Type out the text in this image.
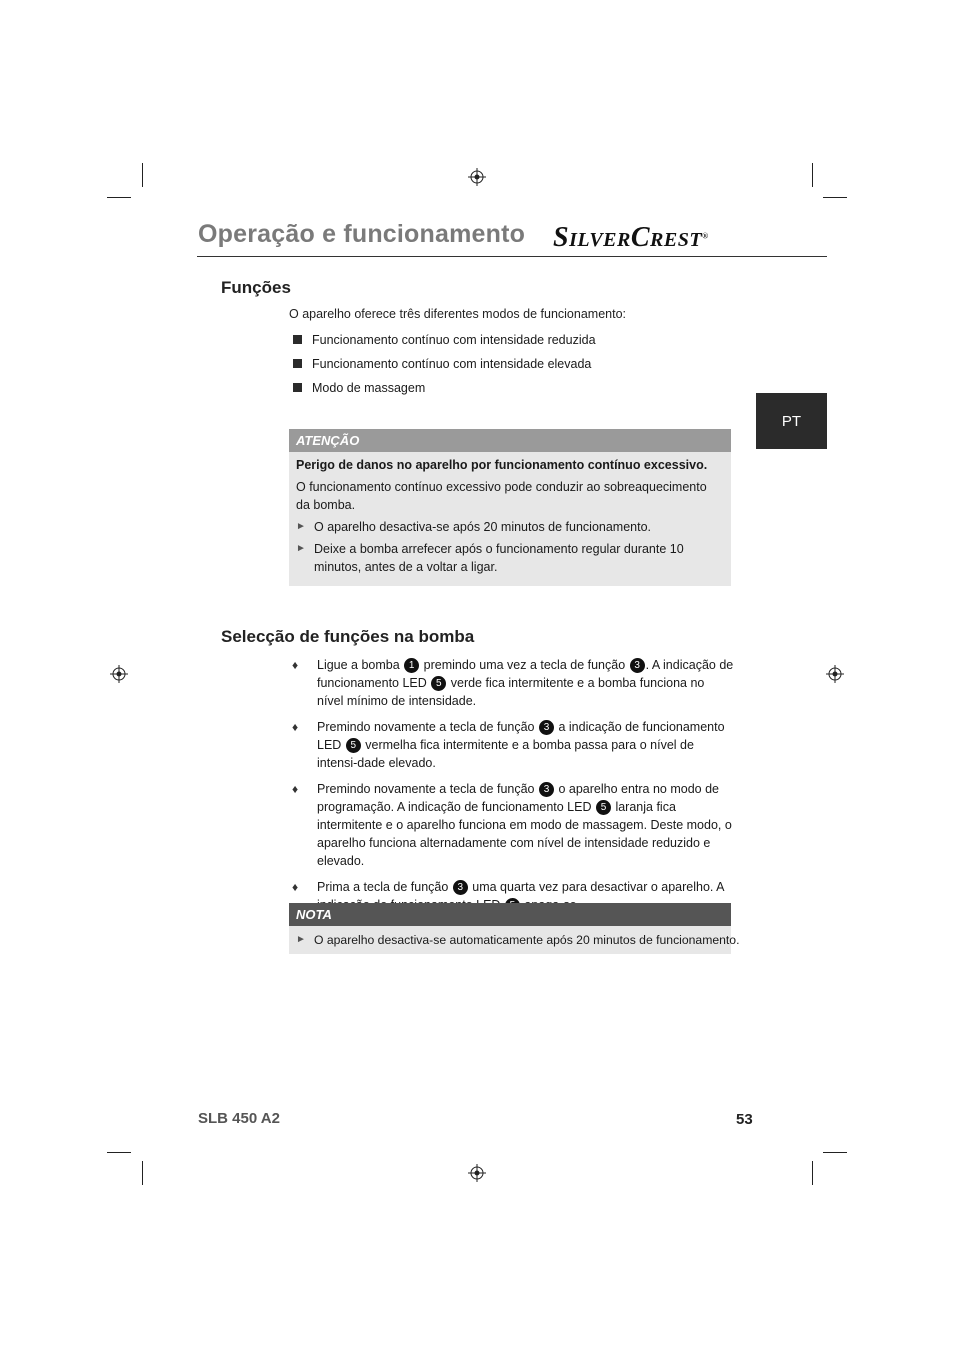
Operação e funcionamento SILVERCREST®
PT
Funções
O aparelho oferece três diferentes modos de funcionamento:
Funcionamento contínuo com intensidade reduzida
Funcionamento contínuo com intensidade elevada
Modo de massagem
ATENÇÃO

Perigo de danos no aparelho por funcionamento contínuo excessivo.

O funcionamento contínuo excessivo pode conduzir ao sobreaquecimento da bomba.

► O aparelho desactiva-se após 20 minutos de funcionamento.
► Deixe a bomba arrefecer após o funcionamento regular durante 10 minutos, antes de a voltar a ligar.
Selecção de funções na bomba
♦ Ligue a bomba 1 premindo uma vez a tecla de função 3 . A indicação de funcionamento LED 5 verde fica intermitente e a bomba funciona no nível mínimo de intensidade.
♦ Premindo novamente a tecla de função 3 a indicação de funcionamento LED 5 vermelha fica intermitente e a bomba passa para o nível de intensi-dade elevado.
♦ Premindo novamente a tecla de função 3 o aparelho entra no modo de programação. A indicação de funcionamento LED 5 laranja fica intermitente e o aparelho funciona em modo de massagem. Deste modo, o aparelho funciona alternadamente com nível de intensidade reduzido e elevado.
♦ Prima a tecla de função 3 uma quarta vez para desactivar o aparelho. A
NOTA
► O aparelho desactiva-se automaticamente após 20 minutos de funcionamento.
SLB 450 A2	53
